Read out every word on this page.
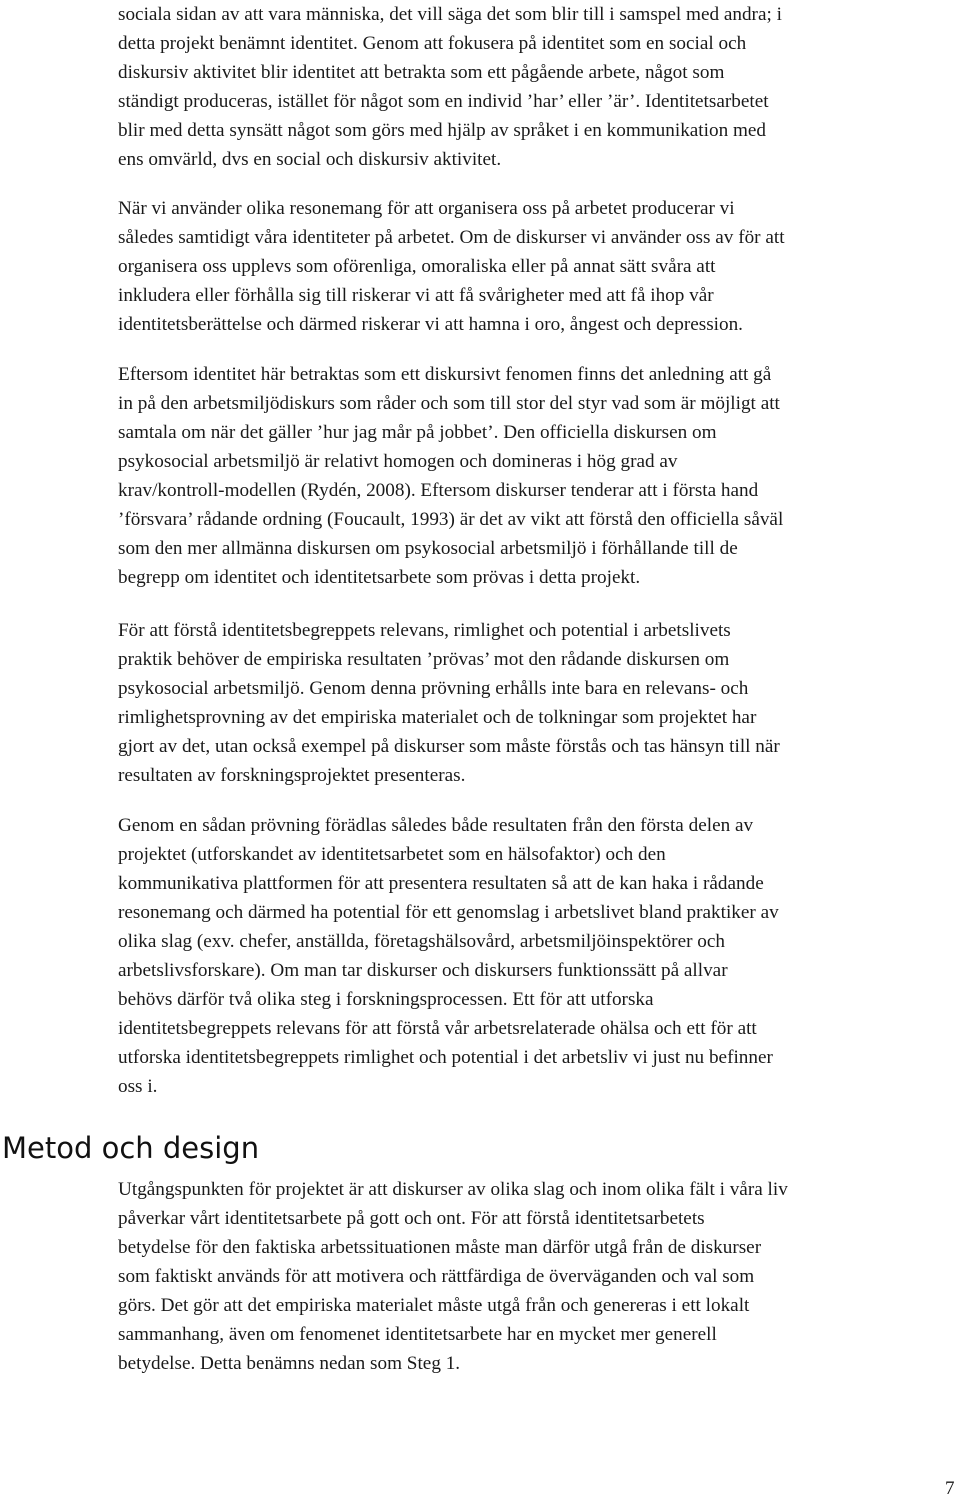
sociala sidan av att vara människa, det vill säga det som blir till i samspel med andra; i
detta projekt benämnt identitet. Genom att fokusera på identitet som en social och
diskursiv aktivitet blir identitet att betrakta som ett pågående arbete, något som
ständigt produceras, istället för något som en individ ’har’ eller ’är’. Identitetsarbetet
blir med detta synsätt något som görs med hjälp av språket i en kommunikation med
ens omvärld, dvs en social och diskursiv aktivitet.

När vi använder olika resonemang för att organisera oss på arbetet producerar vi
således samtidigt våra identiteter på arbetet. Om de diskurser vi använder oss av för att
organisera oss upplevs som oförenliga, omoraliska eller på annat sätt svåra att
inkludera eller förhålla sig till riskerar vi att få svårigheter med att få ihop vår
identitetsberättelse och därmed riskerar vi att hamna i oro, ångest och depression.

Eftersom identitet här betraktas som ett diskursivt fenomen finns det anledning att gå
in på den arbetsmiljödiskurs som råder och som till stor del styr vad som är möjligt att
samtala om när det gäller ’hur jag mår på jobbet’. Den officiella diskursen om
psykosocial arbetsmiljö är relativt homogen och domineras i hög grad av
krav/kontroll-modellen (Rydén, 2008). Eftersom diskurser tenderar att i första hand
’försvara’ rådande ordning (Foucault, 1993) är det av vikt att förstå den officiella såväl
som den mer allmänna diskursen om psykosocial arbetsmiljö i förhållande till de
begrepp om identitet och identitetsarbete som prövas i detta projekt.

För att förstå identitetsbegreppets relevans, rimlighet och potential i arbetslivets
praktik behöver de empiriska resultaten ’prövas’ mot den rådande diskursen om
psykosocial arbetsmiljö. Genom denna prövning erhålls inte bara en relevans- och
rimlighetsprovning av det empiriska materialet och de tolkningar som projektet har
gjort av det, utan också exempel på diskurser som måste förstås och tas hänsyn till när
resultaten av forskningsprojektet presenteras.

Genom en sådan prövning förädlas således både resultaten från den första delen av
projektet (utforskandet av identitetsarbetet som en hälsofaktor) och den
kommunikativa plattformen för att presentera resultaten så att de kan haka i rådande
resonemang och därmed ha potential för ett genomslag i arbetslivet bland praktiker av
olika slag (exv. chefer, anställda, företagshälsovård, arbetsmiljöinspektörer och
arbetslivsforskare). Om man tar diskurser och diskursers funktionssätt på allvar
behövs därför två olika steg i forskningsprocessen. Ett för att utforska
identitetsbegreppets relevans för att förstå vår arbetsrelaterade ohälsa och ett för att
utforska identitetsbegreppets rimlighet och potential i det arbetsliv vi just nu befinner
oss i.

Metod och design

Utgångspunkten för projektet är att diskurser av olika slag och inom olika fält i våra liv
påverkar vårt identitetsarbete på gott och ont. För att förstå identitetsarbetets
betydelse för den faktiska arbetssituationen måste man därför utgå från de diskurser
som faktiskt används för att motivera och rättfärdiga de överväganden och val som
görs. Det gör att det empiriska materialet måste utgå från och genereras i ett lokalt
sammanhang, även om fenomenet identitetsarbete har en mycket mer generell
betydelse. Detta benämns nedan som Steg 1.

7
